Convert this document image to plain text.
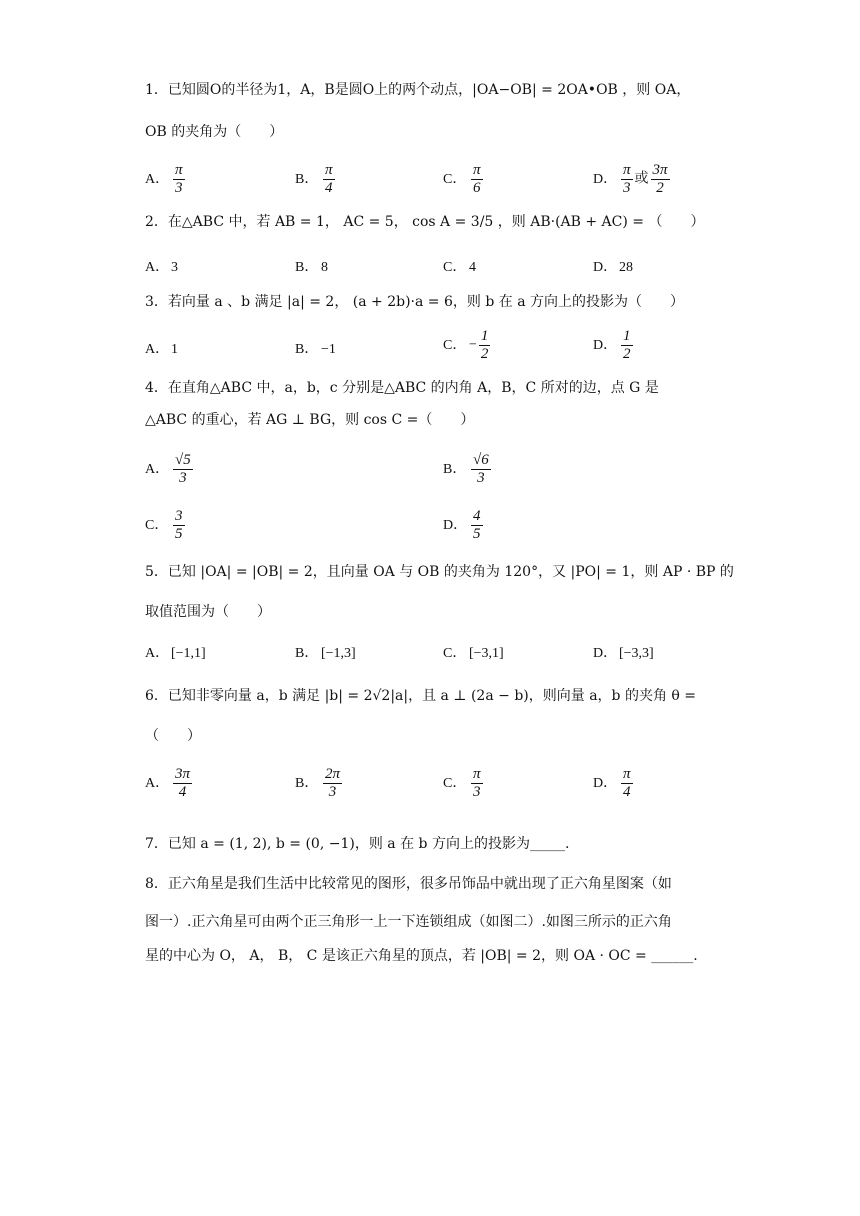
1．已知圆O的半径为1，A，B是圆O上的两个动点，|OA−OB| = 2OA•OB ，则 OA，
OB 的夹角为（　　）
A． $\frac{\pi}{3}$	B． $\frac{\pi}{4}$	C． $\frac{\pi}{6}$	D． $\frac{\pi}{3}$ 或 $\frac{3\pi}{2}$
2．在△ABC 中，若 AB = 1， AC = 5， cos A = 3/5 ，则 AB·(AB + AC) = （　　）
A． 3	B． 8	C． 4	D． 28
3．若向量 a 、b 满足 |a| = 2， (a + 2b)·a = 6，则 b 在 a 方向上的投影为（　　）
A． 1	B． −1	C． − $\frac{1}{2}$	D． $\frac{1}{2}$
4．在直角△ABC 中，a，b，c 分别是△ABC 的内角 A，B，C 所对的边，点 G 是
△ABC 的重心，若 AG ⊥ BG，则 cos C =（　　）
A． $\frac{√5}{3}$	B． $\frac{√6}{3}$
C． $\frac{3}{5}$	D． $\frac{4}{5}$
5．已知 |OA| = |OB| = 2，且向量 OA 与 OB 的夹角为 120°，又 |PO| = 1，则 AP · BP 的
取值范围为（　　）
A． [−1,1]	B． [−1,3]	C． [−3,1]	D． [−3,3]
6．已知非零向量 a，b 满足 |b| = 2√2|a|，且 a ⊥ (2a − b)，则向量 a，b 的夹角 θ =
（　　）
A． $\frac{3\pi}{4}$	B． $\frac{2\pi}{3}$	C． $\frac{\pi}{3}$	D． $\frac{\pi}{4}$
7．已知 a = (1, 2), b = (0, −1)，则 a 在 b 方向上的投影为_____.
8．正六角星是我们生活中比较常见的图形，很多吊饰品中就出现了正六角星图案（如
图一）.正六角星可由两个正三角形一上一下连锁组成（如图二）.如图三所示的正六角
星的中心为 O， A， B， C 是该正六角星的顶点，若 |OB| = 2，则 OA · OC = ______.
